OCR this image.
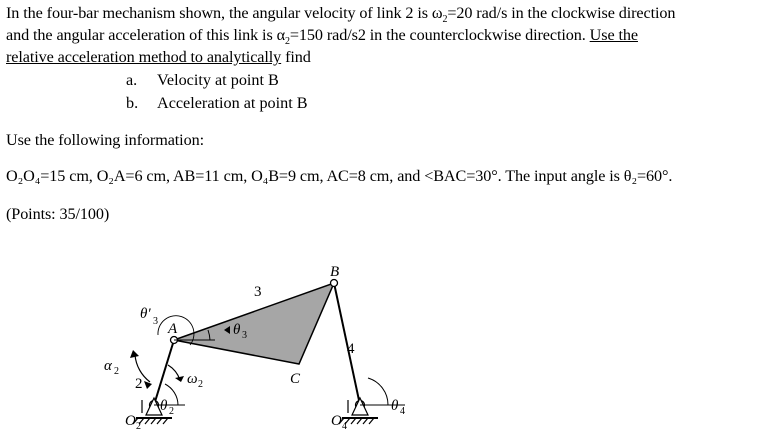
In the four-bar mechanism shown, the angular velocity of link 2 is $\omega_2=20$ rad/s in the clockwise direction
and the angular acceleration of this link is $\alpha_2=150$ rad/s2 in the counterclockwise direction. Use the
relative acceleration method to analytically find
a. Velocity at point B
b. Acceleration at point B
Use the following information:
O₂O₄=15 cm, O₂A=6 cm, AB=11 cm, O₄B=9 cm, AC=8 cm, and <BAC=30°. The input angle is θ₂=60°.
(Points: 35/100)
B
A
C
3
4
2
θ 3
θ′ 3
ω 2
α 2
θ 2	θ 4
O 2	O 4
